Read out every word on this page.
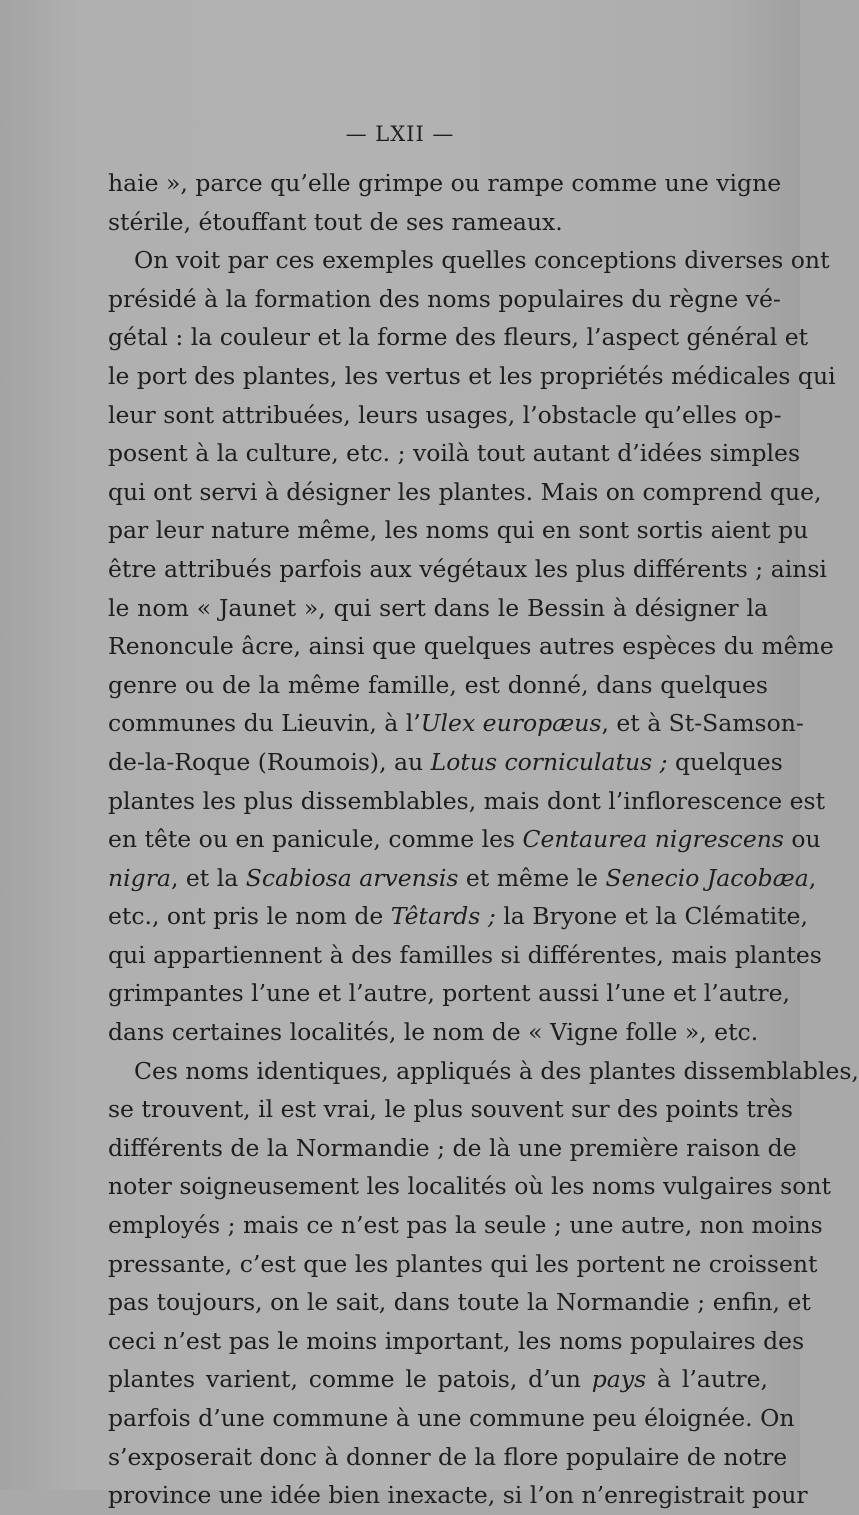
— LXII —
haie », parce qu’elle grimpe ou rampe comme une vigne
stérile, étouffant tout de ses rameaux.
On voit par ces exemples quelles conceptions diverses ont
présidé à la formation des noms populaires du règne vé-
gétal : la couleur et la forme des fleurs, l’aspect général et
le port des plantes, les vertus et les propriétés médicales qui
leur sont attribuées, leurs usages, l’obstacle qu’elles op-
posent à la culture, etc. ; voilà tout autant d’idées simples
qui ont servi à désigner les plantes. Mais on comprend que,
par leur nature même, les noms qui en sont sortis aient pu
être attribués parfois aux végétaux les plus différents ; ainsi
le nom « Jaunet », qui sert dans le Bessin à désigner la
Renoncule âcre, ainsi que quelques autres espèces du même
genre ou de la même famille, est donné, dans quelques
communes du Lieuvin, à l’Ulex europæus, et à St-Samson-
de-la-Roque (Roumois), au Lotus corniculatus ; quelques
plantes les plus dissemblables, mais dont l’inflorescence est
en tête ou en panicule, comme les Centaurea nigrescens ou
nigra, et la Scabiosa arvensis et même le Senecio Jacobæa,
etc., ont pris le nom de Têtards ; la Bryone et la Clématite,
qui appartiennent à des familles si différentes, mais plantes
grimpantes l’une et l’autre, portent aussi l’une et l’autre,
dans certaines localités, le nom de « Vigne folle », etc.
Ces noms identiques, appliqués à des plantes dissemblables,
se trouvent, il est vrai, le plus souvent sur des points très
différents de la Normandie ; de là une première raison de
noter soigneusement les localités où les noms vulgaires sont
employés ; mais ce n’est pas la seule ; une autre, non moins
pressante, c’est que les plantes qui les portent ne croissent
pas toujours, on le sait, dans toute la Normandie ; enfin, et
ceci n’est pas le moins important, les noms populaires des
plantes varient, comme le patois, d’un pays à l’autre,
parfois d’une commune à une commune peu éloignée. On
s’exposerait donc à donner de la flore populaire de notre
province une idée bien inexacte, si l’on n’enregistrait pour
